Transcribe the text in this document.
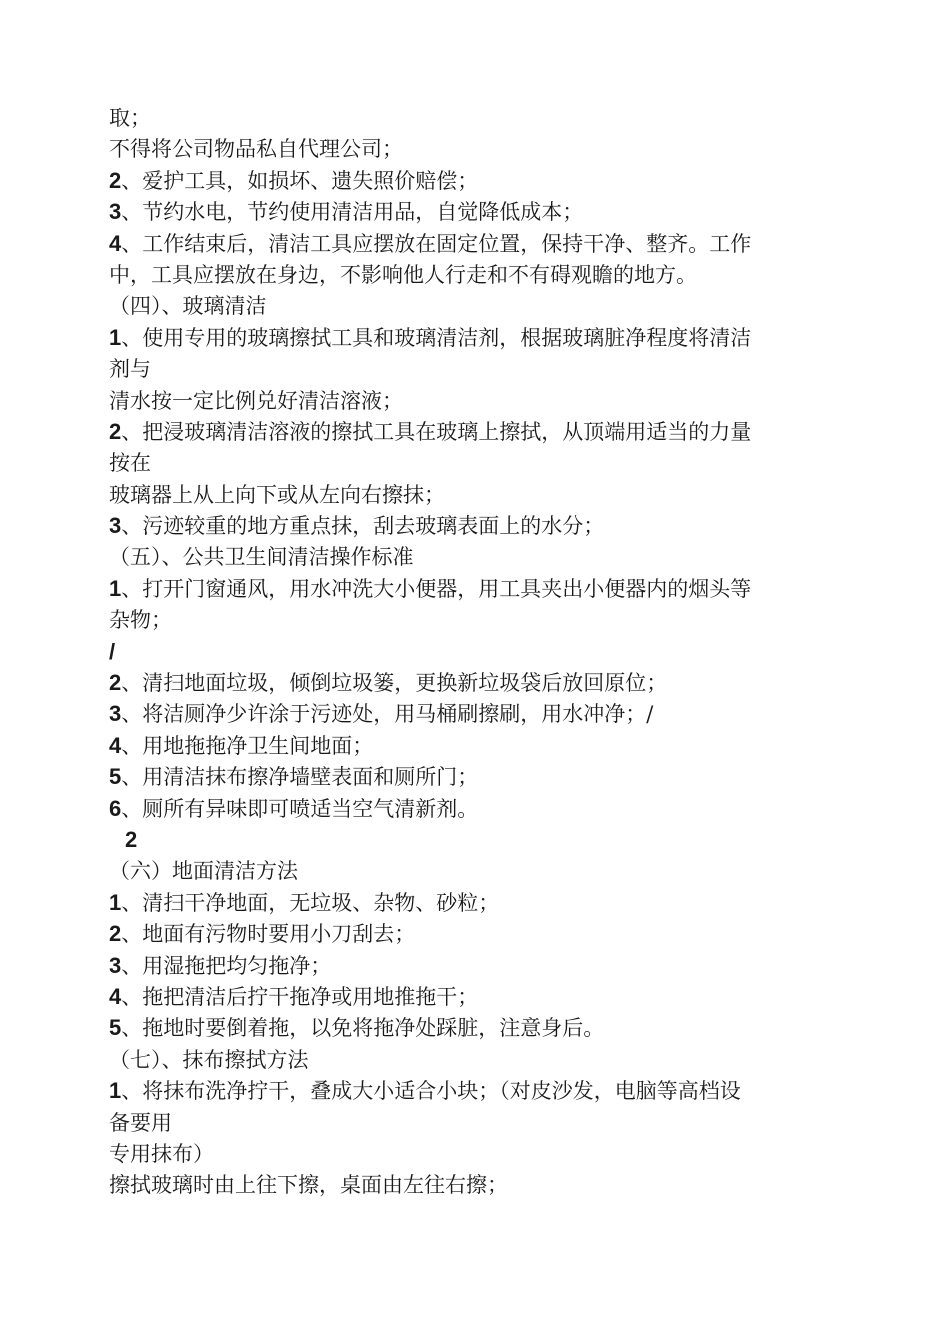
取；
不得将公司物品私自代理公司；
2、爱护工具，如损坏、遗失照价赔偿；
3、节约水电，节约使用清洁用品，自觉降低成本；
4、工作结束后，清洁工具应摆放在固定位置，保持干净、整齐。工作
中，工具应摆放在身边，不影响他人行走和不有碍观瞻的地方。
（四）、玻璃清洁
1、使用专用的玻璃擦拭工具和玻璃清洁剂，根据玻璃脏净程度将清洁
剂与
清水按一定比例兑好清洁溶液；
2、把浸玻璃清洁溶液的擦拭工具在玻璃上擦拭，从顶端用适当的力量
按在
玻璃器上从上向下或从左向右擦抹；
3、污迹较重的地方重点抹，刮去玻璃表面上的水分；
（五）、公共卫生间清洁操作标准
1、打开门窗通风，用水冲洗大小便器，用工具夹出小便器内的烟头等
杂物；
/
2、清扫地面垃圾，倾倒垃圾篓，更换新垃圾袋后放回原位；
3、将洁厕净少许涂于污迹处，用马桶刷擦刷，用水冲净；/
4、用地拖拖净卫生间地面；
5、用清洁抹布擦净墙壁表面和厕所门；
6、厕所有异味即可喷适当空气清新剂。
2
（六）地面清洁方法
1、清扫干净地面，无垃圾、杂物、砂粒；
2、地面有污物时要用小刀刮去；
3、用湿拖把均匀拖净；
4、拖把清洁后拧干拖净或用地推拖干；
5、拖地时要倒着拖，以免将拖净处踩脏，注意身后。
（七）、抹布擦拭方法
1、将抹布洗净拧干，叠成大小适合小块；（对皮沙发，电脑等高档设
备要用
专用抹布）
擦拭玻璃时由上往下擦，桌面由左往右擦；
